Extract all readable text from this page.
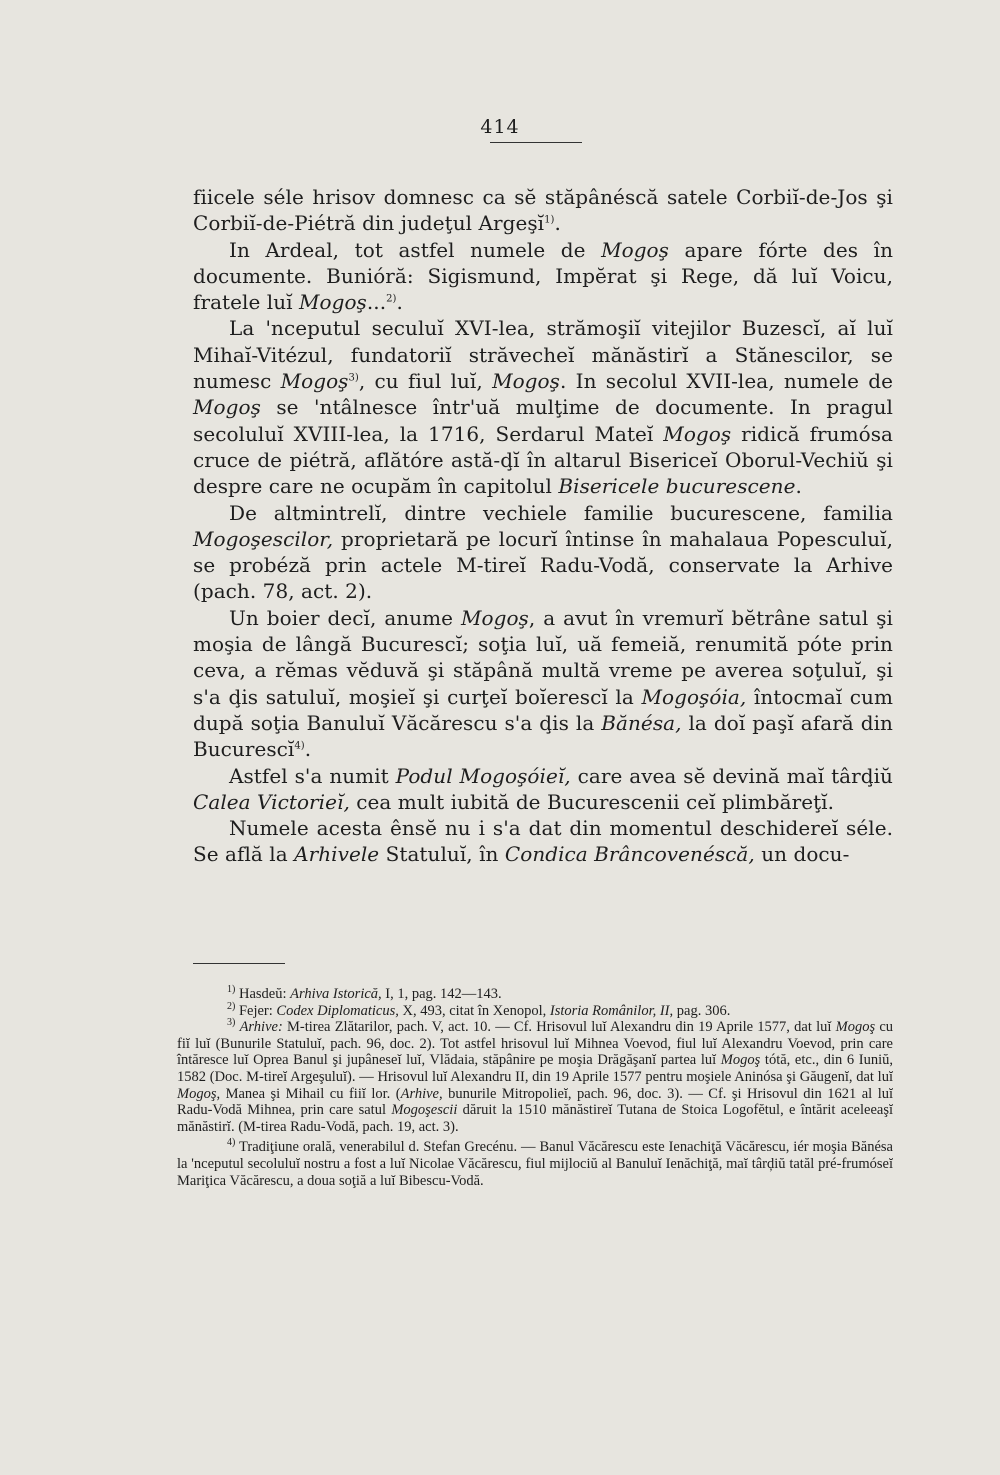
414

fiicele séle hrisov domnesc ca sĕ stăpânéscă satele Corbiĭ-de-Jos şi Corbiĭ-de-Piétră din judeţul Argeşĭ$^{1)}$.

In Ardeal, tot astfel numele de Mogoş apare fórte des în documente. Bunióră: Sigismund, Impĕrat şi Rege, dă luĭ Voicu, fratele luĭ Mogoş...$^{2)}$.

La 'nceputul seculuĭ XVI-lea, strămoşiĭ vitejilor Buzescĭ, aĭ luĭ Mihaĭ-Vitézul, fundatoriĭ străvecheĭ mănăstirĭ a Stănescilor, se numesc Mogoş$^{3)}$, cu fiul luĭ, Mogoş. In secolul XVII-lea, numele de Mogoş se 'ntâlnesce într'uă mulţime de documente. In pragul secoluluĭ XVIII-lea, la 1716, Serdarul Mateĭ Mogoş ridică frumósa cruce de piétră, aflătóre astă-ḑĭ în altarul Bisericeĭ Oborul-Vechiŭ şi despre care ne ocupăm în capitolul Bisericele bucurescene.

De altmintrelĭ, dintre vechiele familie bucurescene, familia Mogoşescilor, proprietară pe locurĭ întinse în mahalaua Popesculuĭ, se probéză prin actele M-tireĭ Radu-Vodă, conservate la Arhive (pach. 78, act. 2).

Un boier decĭ, anume Mogoş, a avut în vremurĭ bĕtrâne satul şi moşia de lângă Bucurescĭ; soţia luĭ, uă femeiă, renumită póte prin ceva, a rĕmas vĕduvă şi stăpână multă vreme pe averea soţuluĭ, şi s'a ḑis satuluĭ, moşieĭ şi curţeĭ boĭerescĭ la Mogoşóia, întocmaĭ cum după soţia Banuluĭ Văcărescu s'a ḑis la Bănésa, la doĭ paşĭ afară din Bucurescĭ$^{4)}$.

Astfel s'a numit Podul Mogoşóieĭ, care avea sĕ devină maĭ târḑiŭ Calea Victorieĭ, cea mult iubită de Bucurescenii ceĭ plimbăreţĭ.

Numele acesta ênsĕ nu i s'a dat din momentul deschidereĭ séle. Se află la Arhivele Statuluĭ, în Condica Brâncovenéscă, un docu-

$^{1)}$ Hasdeŭ: Arhiva Istorică, I, 1, pag. 142—143.

$^{2)}$ Fejer: Codex Diplomaticus, X, 493, citat în Xenopol, Istoria Românilor, II, pag. 306.

$^{3)}$ Arhive: M-tirea Zlătarilor, pach. V, act. 10. — Cf. Hrisovul luĭ Alexandru din 19 Aprile 1577, dat luĭ Mogoş cu fiĭ luĭ (Bunurile Statuluĭ, pach. 96, doc. 2). Tot astfel hrisovul luĭ Mihnea Voevod, fiul luĭ Alexandru Voevod, prin care întăresce luĭ Oprea Banul şi jupâneseĭ luĭ, Vlădaia, stăpânire pe moşia Drăgăşanĭ partea luĭ Mogoş tótă, etc., din 6 Iuniŭ, 1582 (Doc. M-tireĭ Argeşuluĭ). — Hrisovul luĭ Alexandru II, din 19 Aprile 1577 pentru moşiele Aninósa şi Găugenĭ, dat luĭ Mogoş, Manea şi Mihail cu fiiĭ lor. (Arhive, bunurile Mitropolieĭ, pach. 96, doc. 3). — Cf. şi Hrisovul din 1621 al luĭ Radu-Vodă Mihnea, prin care satul Mogoşescii dăruit la 1510 mănăstireĭ Tutana de Stoica Logofĕtul, e întărit aceleeaşĭ mănăstirĭ. (M-tirea Radu-Vodă, pach. 19, act. 3).

$^{4)}$ Tradiţiune orală, venerabilul d. Stefan Grecénu. — Banul Văcărescu este Ienachiţă Văcărescu, iér moşia Bănésa la 'nceputul secoluluĭ nostru a fost a luĭ Nicolae Văcărescu, fiul mijlociŭ al Banuluĭ Ienăchiţă, maĭ târḑiŭ tatăl pré-frumóseĭ Mariţica Văcărescu, a doua soţiă a luĭ Bibescu-Vodă.
